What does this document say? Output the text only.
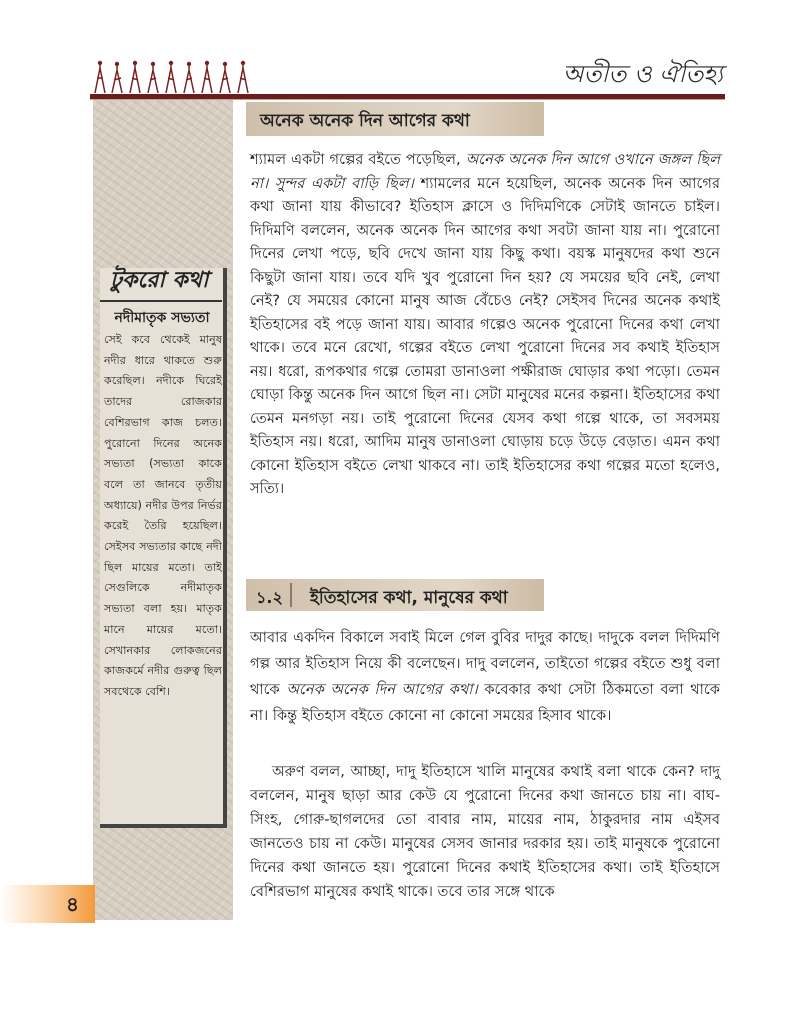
অতীত ও ঐতিহ্য
টুকরো কথা
নদীমাতৃক সভ্যতা
সেই কবে থেকেই মানুষ নদীর ধারে থাকতে শুরু করেছিল। নদীকে ঘিরেই তাদের রোজকার বেশিরভাগ কাজ চলত। পুরোনো দিনের অনেক সভ্যতা (সভ্যতা কাকে বলে তা জানবে তৃতীয় অধ্যায়ে) নদীর উপর নির্ভর করেই তৈরি হয়েছিল। সেইসব সভ্যতার কাছে নদী ছিল মায়ের মতো। তাই সেগুলিকে নদীমাতৃক সভ্যতা বলা হয়। মাতৃক মানে মায়ের মতো। সেখানকার লোকজনের কাজকর্মে নদীর গুরুত্ব ছিল সবথেকে বেশি।
৪
অনেক অনেক দিন আগের কথা

শ্যামল একটা গল্পের বইতে পড়েছিল, অনেক অনেক দিন আগে ওখানে জঙ্গল ছিল না। সুন্দর একটা বাড়ি ছিল। শ্যামলের মনে হয়েছিল, অনেক অনেক দিন আগের কথা জানা যায় কীভাবে? ইতিহাস ক্লাসে ও দিদিমণিকে সেটাই জানতে চাইল। দিদিমণি বললেন, অনেক অনেক দিন আগের কথা সবটা জানা যায় না। পুরোনো দিনের লেখা পড়ে, ছবি দেখে জানা যায় কিছু কথা। বয়স্ক মানুষদের কথা শুনে কিছুটা জানা যায়। তবে যদি খুব পুরোনো দিন হয়? যে সময়ের ছবি নেই, লেখা নেই? যে সময়ের কোনো মানুষ আজ বেঁচেও নেই? সেইসব দিনের অনেক কথাই ইতিহাসের বই পড়ে জানা যায়। আবার গল্পেও অনেক পুরোনো দিনের কথা লেখা থাকে। তবে মনে রেখো, গল্পের বইতে লেখা পুরোনো দিনের সব কথাই ইতিহাস নয়। ধরো, রূপকথার গল্পে তোমরা ডানাওলা পক্ষীরাজ ঘোড়ার কথা পড়ো। তেমন ঘোড়া কিন্তু অনেক দিন আগে ছিল না। সেটা মানুষের মনের কল্পনা। ইতিহাসের কথা তেমন মনগড়া নয়। তাই পুরোনো দিনের যেসব কথা গল্পে থাকে, তা সবসময় ইতিহাস নয়। ধরো, আদিম মানুষ ডানাওলা ঘোড়ায় চড়ে উড়ে বেড়াত। এমন কথা কোনো ইতিহাস বইতে লেখা থাকবে না। তাই ইতিহাসের কথা গল্পের মতো হলেও, সত্যি।

১.২ ইতিহাসের কথা, মানুষের কথা

আবার একদিন বিকালে সবাই মিলে গেল বুবির দাদুর কাছে। দাদুকে বলল দিদিমণি গল্প আর ইতিহাস নিয়ে কী বলেছেন। দাদু বললেন, তাইতো গল্পের বইতে শুধু বলা থাকে অনেক অনেক দিন আগের কথা। কবেকার কথা সেটা ঠিকমতো বলা থাকে না। কিন্তু ইতিহাস বইতে কোনো না কোনো সময়ের হিসাব থাকে।

অরুণ বলল, আচ্ছা, দাদু ইতিহাসে খালি মানুষের কথাই বলা থাকে কেন? দাদু বললেন, মানুষ ছাড়া আর কেউ যে পুরোনো দিনের কথা জানতে চায় না। বাঘ-সিংহ, গোরু-ছাগলদের তো বাবার নাম, মায়ের নাম, ঠাকুরদার নাম এইসব জানতেও চায় না কেউ। মানুষের সেসব জানার দরকার হয়। তাই মানুষকে পুরোনো দিনের কথা জানতে হয়। পুরোনো দিনের কথাই ইতিহাসের কথা। তাই ইতিহাসে বেশিরভাগ মানুষের কথাই থাকে। তবে তার সঙ্গে থাকে
